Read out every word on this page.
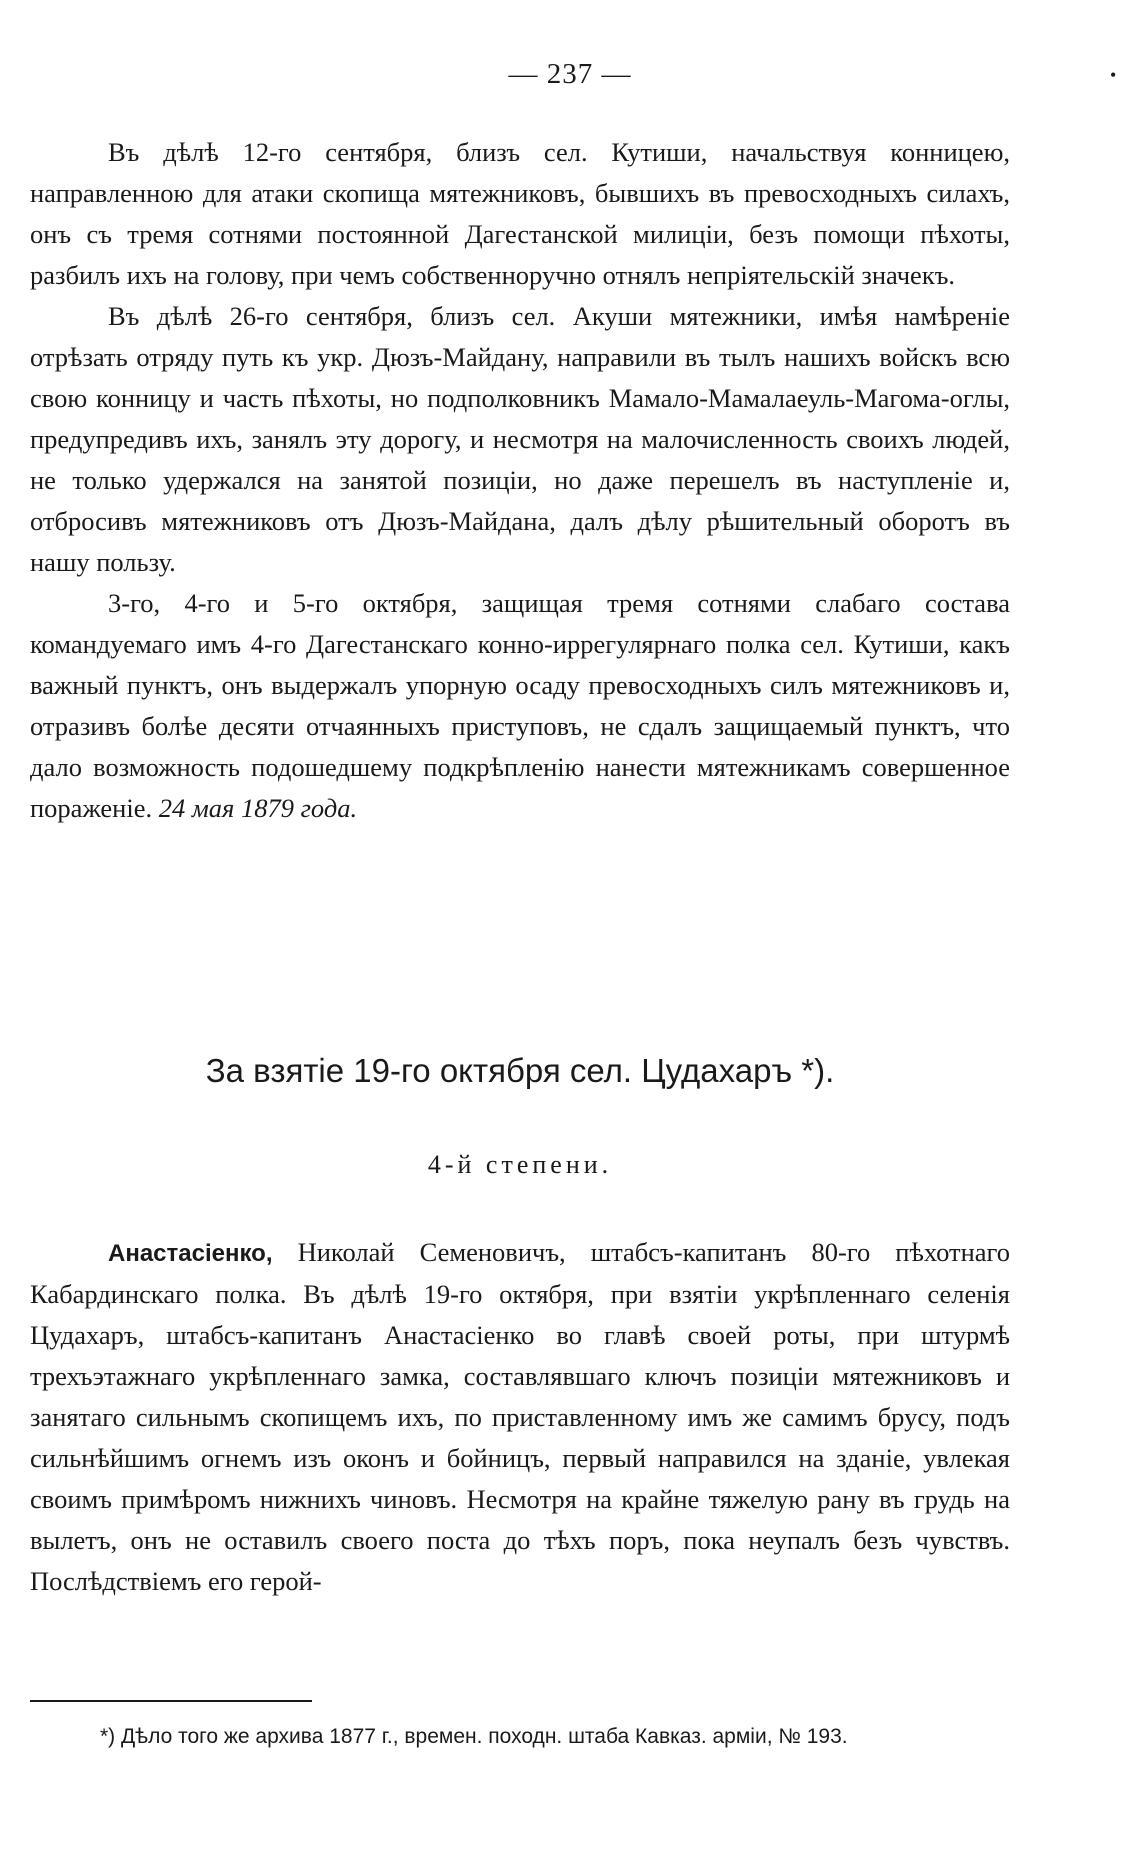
— 237 —	•

Въ дѣлѣ 12-го сентября, близъ сел. Кутиши, начальствуя конницею, направленною для атаки скопища мятежниковъ, бывшихъ въ превосходныхъ силахъ, онъ съ тремя сотнями постоянной Дагестанской милиціи, безъ помощи пѣхоты, разбилъ ихъ на голову, при чемъ собственноручно отнялъ непріятельскій значекъ.

Въ дѣлѣ 26-го сентября, близъ сел. Акуши мятежники, имѣя намѣреніе отрѣзать отряду путь къ укр. Дюзъ-Майдану, направили въ тылъ нашихъ войскъ всю свою конницу и часть пѣхоты, но подполковникъ Мамало-Мамалаеуль-Магома-оглы, предупредивъ ихъ, занялъ эту дорогу, и несмотря на малочисленность своихъ людей, не только удержался на занятой позиціи, но даже перешелъ въ наступленіе и, отбросивъ мятежниковъ отъ Дюзъ-Майдана, далъ дѣлу рѣшительный оборотъ въ нашу пользу.

3-го, 4-го и 5-го октября, защищая тремя сотнями слабаго состава командуемаго имъ 4-го Дагестанскаго конно-иррегулярнаго полка сел. Кутиши, какъ важный пунктъ, онъ выдержалъ упорную осаду превосходныхъ силъ мятежниковъ и, отразивъ болѣе десяти отчаянныхъ приступовъ, не сдалъ защищаемый пунктъ, что дало возможность подошедшему подкрѣпленію нанести мятежникамъ совершенное пораженіе. 24 мая 1879 года.

За взятіе 19-го октября сел. Цудахаръ *).
4-й степени.

Анастасіенко, Николай Семеновичъ, штабсъ-капитанъ 80-го пѣхотнаго Кабардинскаго полка. Въ дѣлѣ 19-го октября, при взятіи укрѣпленнаго селенія Цудахаръ, штабсъ-капитанъ Анастасіенко во главѣ своей роты, при штурмѣ трехъэтажнаго укрѣпленнаго замка, составлявшаго ключъ позиціи мятежниковъ и занятаго сильнымъ скопищемъ ихъ, по приставленному имъ же самимъ брусу, подъ сильнѣйшимъ огнемъ изъ оконъ и бойницъ, первый направился на зданіе, увлекая своимъ примѣромъ нижнихъ чиновъ. Несмотря на крайне тяжелую рану въ грудь на вылетъ, онъ не оставилъ своего поста до тѣхъ поръ, пока неупалъ безъ чувствъ. Послѣдствіемъ его герой-

*) Дѣло того же архива 1877 г., времен. походн. штаба Кавказ. арміи, № 193.
